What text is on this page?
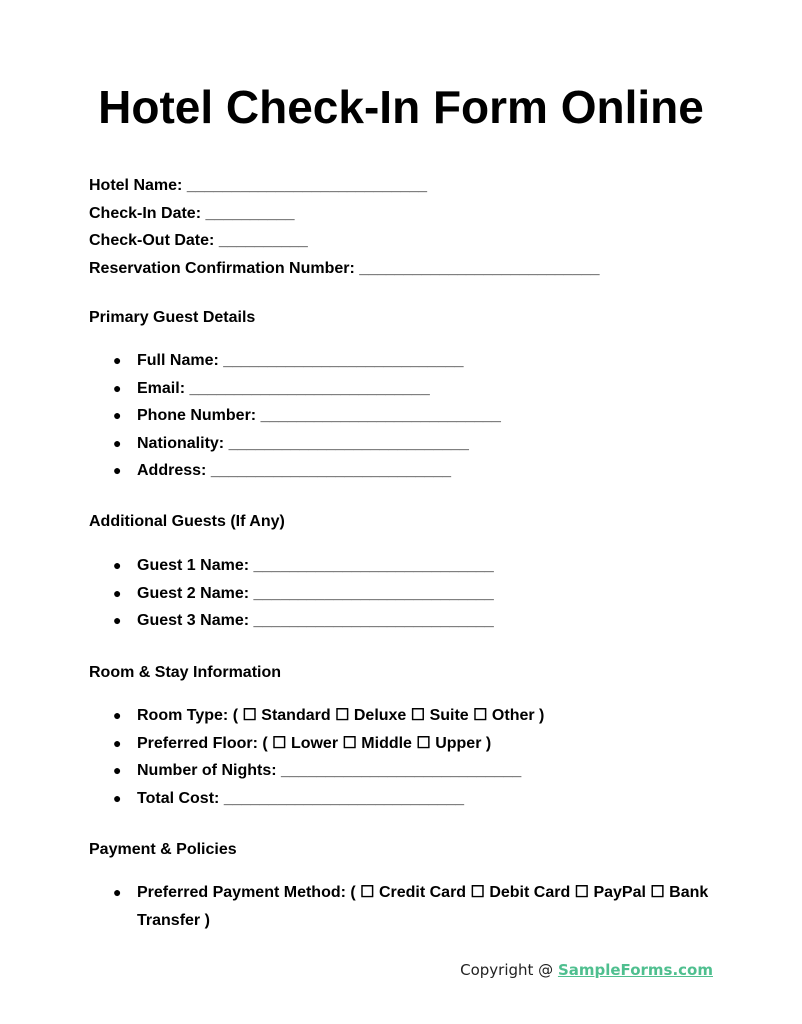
Hotel Check-In Form Online
Hotel Name: ___________________________
Check-In Date: __________
Check-Out Date: __________
Reservation Confirmation Number: ___________________________
Primary Guest Details
● Full Name: ___________________________
● Email: ___________________________
● Phone Number: ___________________________
● Nationality: ___________________________
● Address: ___________________________
Additional Guests (If Any)
● Guest 1 Name: ___________________________
● Guest 2 Name: ___________________________
● Guest 3 Name: ___________________________
Room & Stay Information
● Room Type: ( ☐ Standard ☐ Deluxe ☐ Suite ☐ Other )
● Preferred Floor: ( ☐ Lower ☐ Middle ☐ Upper )
● Number of Nights: ___________________________
● Total Cost: ___________________________
Payment & Policies
● Preferred Payment Method: ( ☐ Credit Card ☐ Debit Card ☐ PayPal ☐ Bank Transfer )
Copyright @ SampleForms.com
